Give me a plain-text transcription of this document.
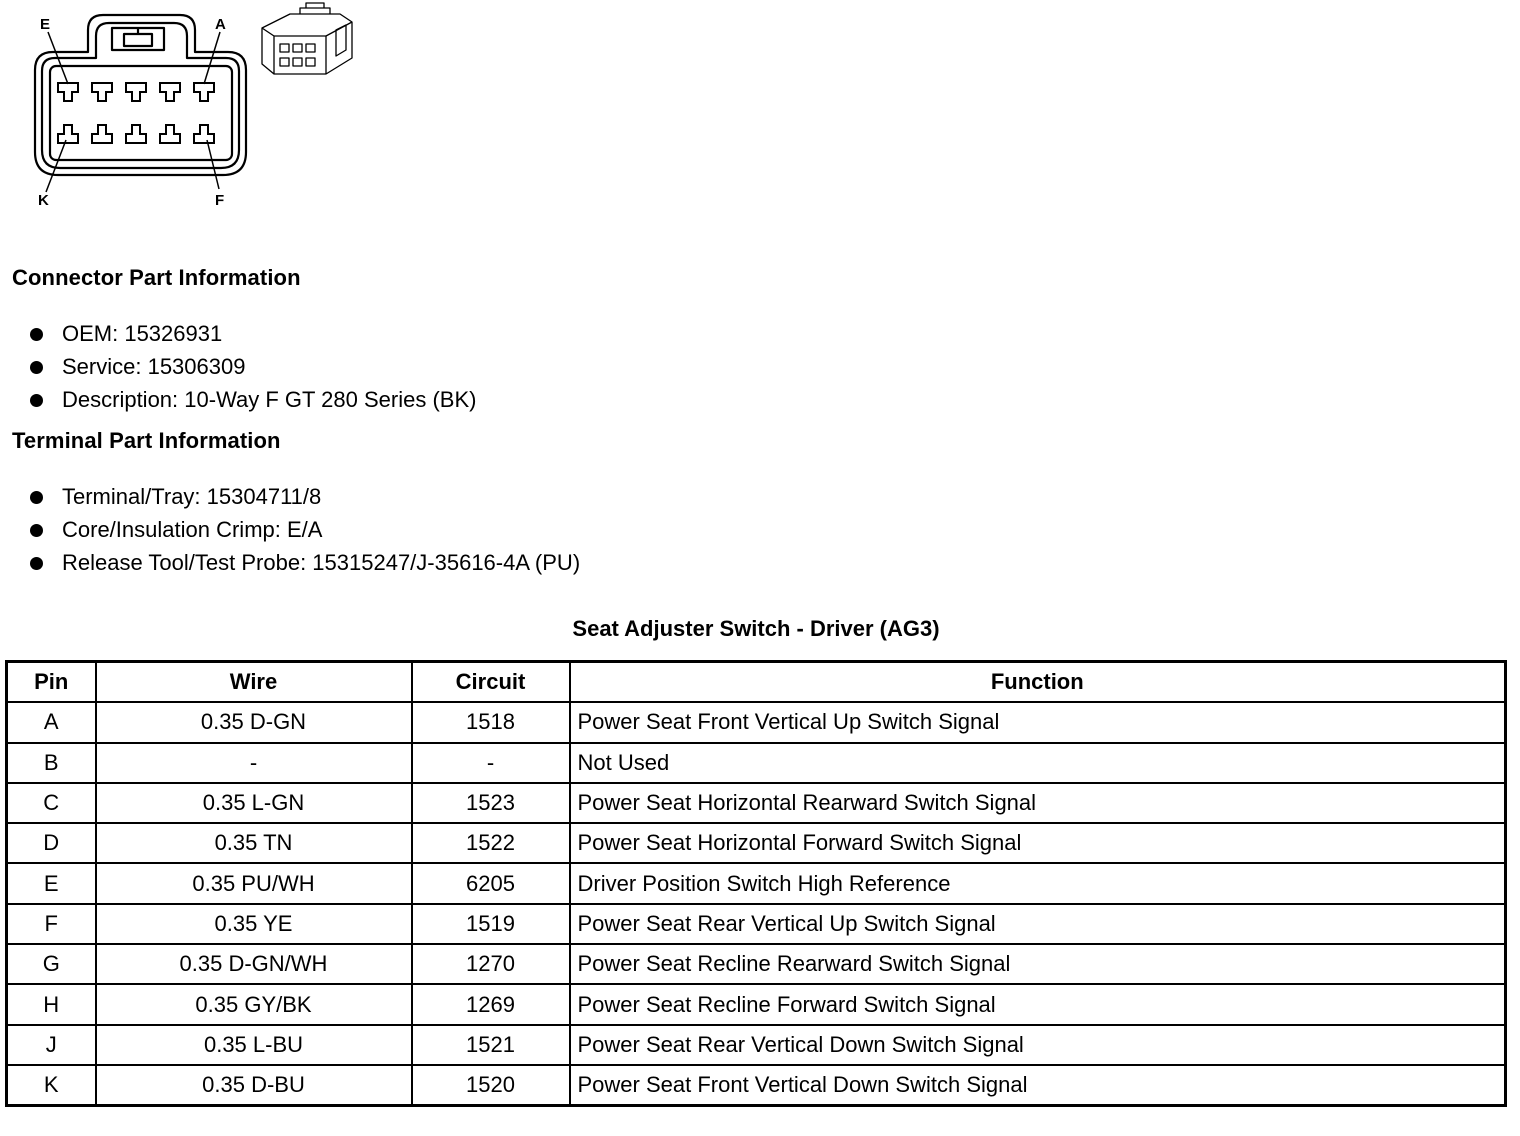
E	A
K	F
Connector Part Information
OEM: 15326931
Service: 15306309
Description: 10-Way F GT 280 Series (BK)
Terminal Part Information
Terminal/Tray: 15304711/8
Core/Insulation Crimp: E/A
Release Tool/Test Probe: 15315247/J-35616-4A (PU)
Seat Adjuster Switch - Driver (AG3)
Pin	Wire	Circuit	Function
A	0.35 D-GN	1518	Power Seat Front Vertical Up Switch Signal
B	-	-	Not Used
C	0.35 L-GN	1523	Power Seat Horizontal Rearward Switch Signal
D	0.35 TN	1522	Power Seat Horizontal Forward Switch Signal
E	0.35 PU/WH	6205	Driver Position Switch High Reference
F	0.35 YE	1519	Power Seat Rear Vertical Up Switch Signal
G	0.35 D-GN/WH	1270	Power Seat Recline Rearward Switch Signal
H	0.35 GY/BK	1269	Power Seat Recline Forward Switch Signal
J	0.35 L-BU	1521	Power Seat Rear Vertical Down Switch Signal
K	0.35 D-BU	1520	Power Seat Front Vertical Down Switch Signal
